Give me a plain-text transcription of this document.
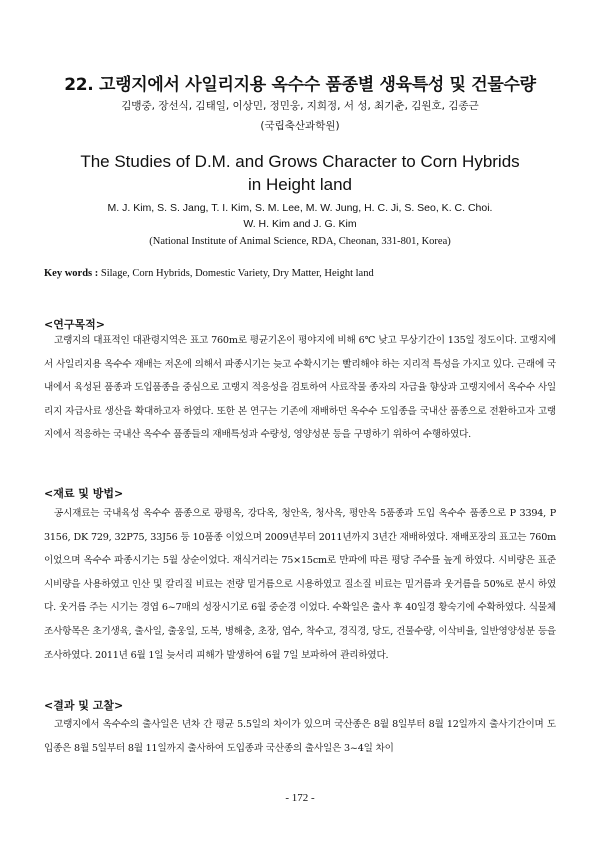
22. 고랭지에서 사일리지용 옥수수 품종별 생육특성 및 건물수량
김맹중, 장선식, 김태일, 이상민, 정민웅, 지희정, 서 성, 최기춘, 김원호, 김종근
(국립축산과학원)
The Studies of D.M. and Grows Character to Corn Hybrids
in Height land
M. J. Kim, S. S. Jang, T. I. Kim, S. M. Lee, M. W. Jung, H. C. Ji, S. Seo, K. C. Choi.
W. H. Kim and J. G. Kim
(National Institute of Animal Science, RDA, Cheonan, 331-801, Korea)
Key words : Silage, Corn Hybrids, Domestic Variety, Dry Matter, Height land
<연구목적>

고랭지의 대표적인 대관령지역은 표고 760m로 평균기온이 평야지에 비해 6℃ 낮고 무상기간이 135일 정도이다. 고랭지에서 사일리지용 옥수수 재배는 저온에 의해서 파종시기는 늦고 수확시기는 빨리해야 하는 지리적 특성을 가지고 있다. 근래에 국내에서 육성된 품종과 도입품종을 중심으로 고랭지 적응성을 검토하여 사료작물 종자의 자급율 향상과 고랭지에서 옥수수 사일리지 자급사료 생산을 확대하고자 하였다. 또한 본 연구는 기존에 재배하던 옥수수 도입종을 국내산 품종으로 전환하고자 고랭지에서 적응하는 국내산 옥수수 품종들의 재배특성과 수량성, 영양성분 등을 구명하기 위하여 수행하였다.

<재료 및 방법>

공시재료는 국내육성 옥수수 품종으로 광평옥, 강다옥, 청안옥, 청사옥, 평안옥 5품종과 도입 옥수수 품종으로 P 3394, P 3156, DK 729, 32P75, 33J56 등 10품종 이었으며 2009년부터 2011년까지 3년간 재배하였다. 재배포장의 표고는 760m 이었으며 옥수수 파종시기는 5월 상순이었다. 재식거리는 75×15cm로 만파에 따른 평당 주수를 높게 하였다. 시비량은 표준시비량을 사용하였고 인산 및 칼리질 비료는 전량 밑거름으로 시용하였고 질소질 비료는 밑거름과 웃거름을 50%로 분시 하였다. 웃거름 주는 시기는 경엽 6~7매의 성장시기로 6월 중순경 이었다. 수확일은 출사 후 40일경 황숙기에 수확하였다. 식물체 조사항목은 초기생육, 출사일, 출웅일, 도복, 병해충, 초장, 엽수, 착수고, 경직경, 당도, 건물수량, 이삭비율, 일반영양성분 등을 조사하였다. 2011년 6월 1일 늦서리 피해가 발생하여 6월 7일 보파하여 관리하였다.

<결과 및 고찰>

고랭지에서 옥수수의 출사일은 년차 간 평균 5.5일의 차이가 있으며 국산종은 8월 8일부터 8월 12일까지 출사기간이며 도입종은 8월 5일부터 8월 11일까지 출사하여 도입종과 국산종의 출사일은 3~4일 차이

- 172 -
